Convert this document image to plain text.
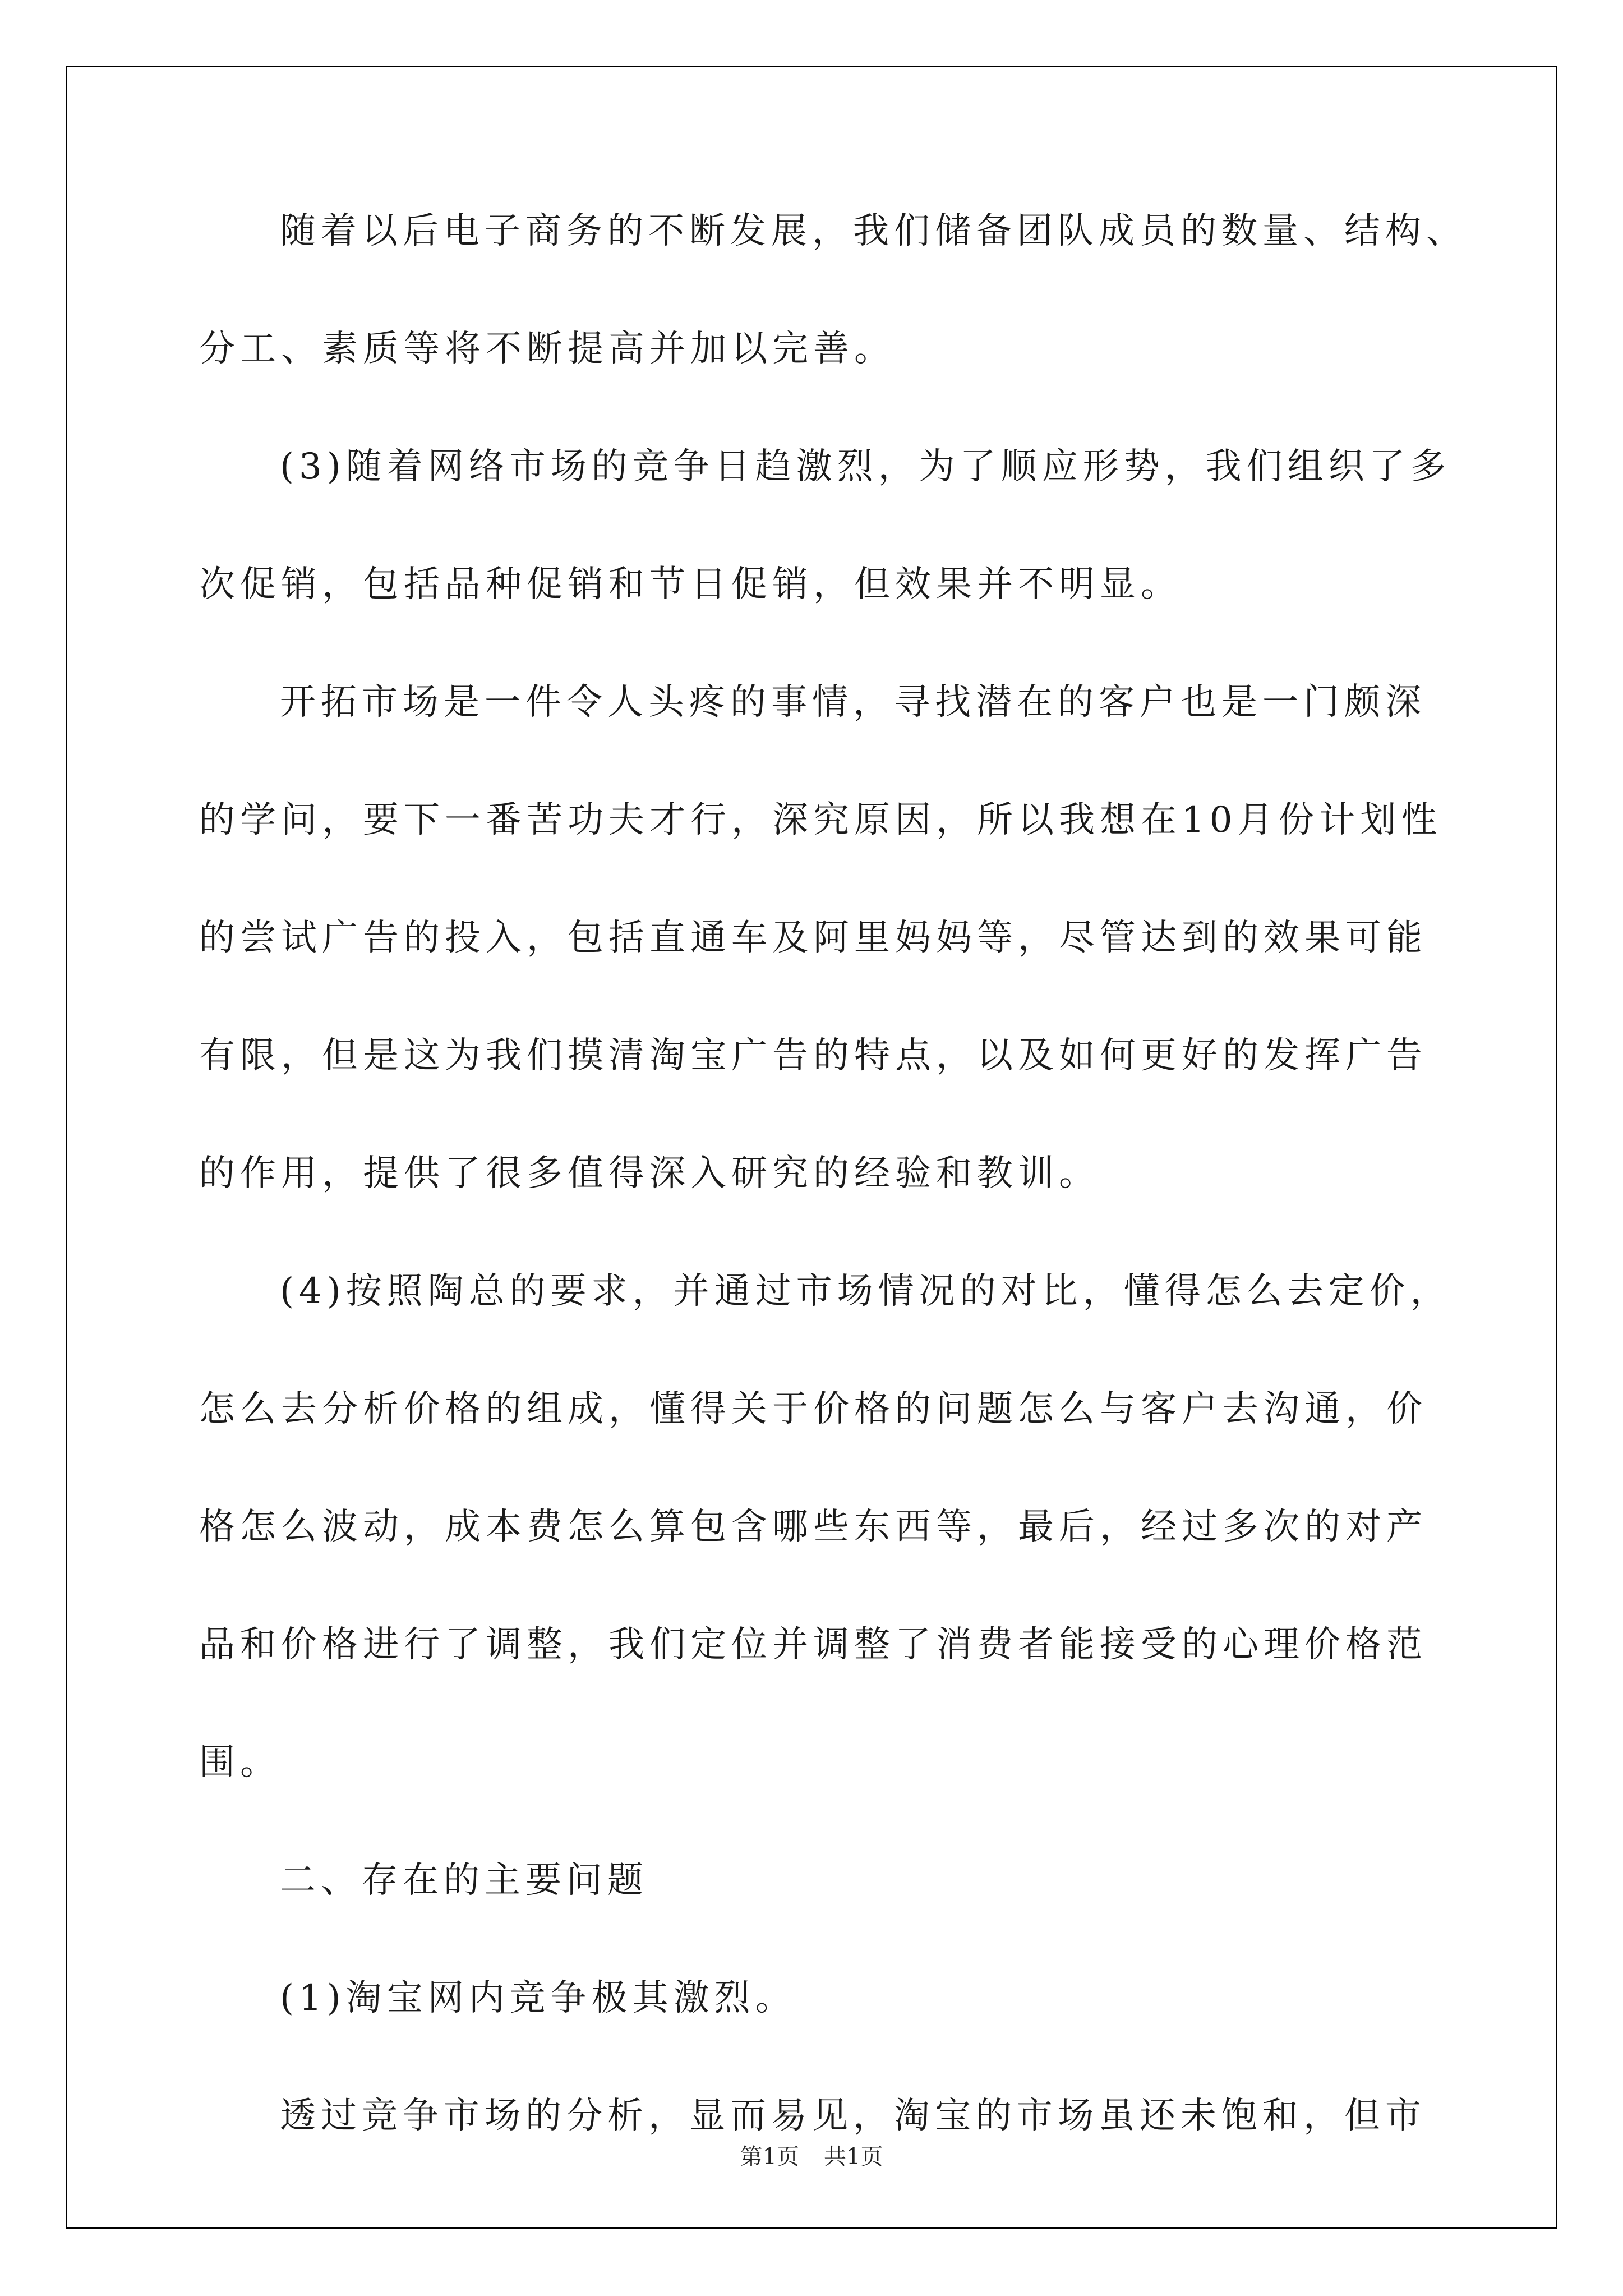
随着以后电子商务的不断发展，我们储备团队成员的数量、结构、
分工、素质等将不断提高并加以完善。
(3)随着网络市场的竞争日趋激烈，为了顺应形势，我们组织了多
次促销，包括品种促销和节日促销，但效果并不明显。
开拓市场是一件令人头疼的事情，寻找潜在的客户也是一门颇深
的学问，要下一番苦功夫才行，深究原因，所以我想在10月份计划性
的尝试广告的投入，包括直通车及阿里妈妈等，尽管达到的效果可能
有限，但是这为我们摸清淘宝广告的特点，以及如何更好的发挥广告
的作用，提供了很多值得深入研究的经验和教训。
(4)按照陶总的要求，并通过市场情况的对比，懂得怎么去定价，
怎么去分析价格的组成，懂得关于价格的问题怎么与客户去沟通，价
格怎么波动，成本费怎么算包含哪些东西等，最后，经过多次的对产
品和价格进行了调整，我们定位并调整了消费者能接受的心理价格范
围。
二、存在的主要问题
(1)淘宝网内竞争极其激烈。
透过竞争市场的分析，显而易见，淘宝的市场虽还未饱和，但市
第1页 共1页
